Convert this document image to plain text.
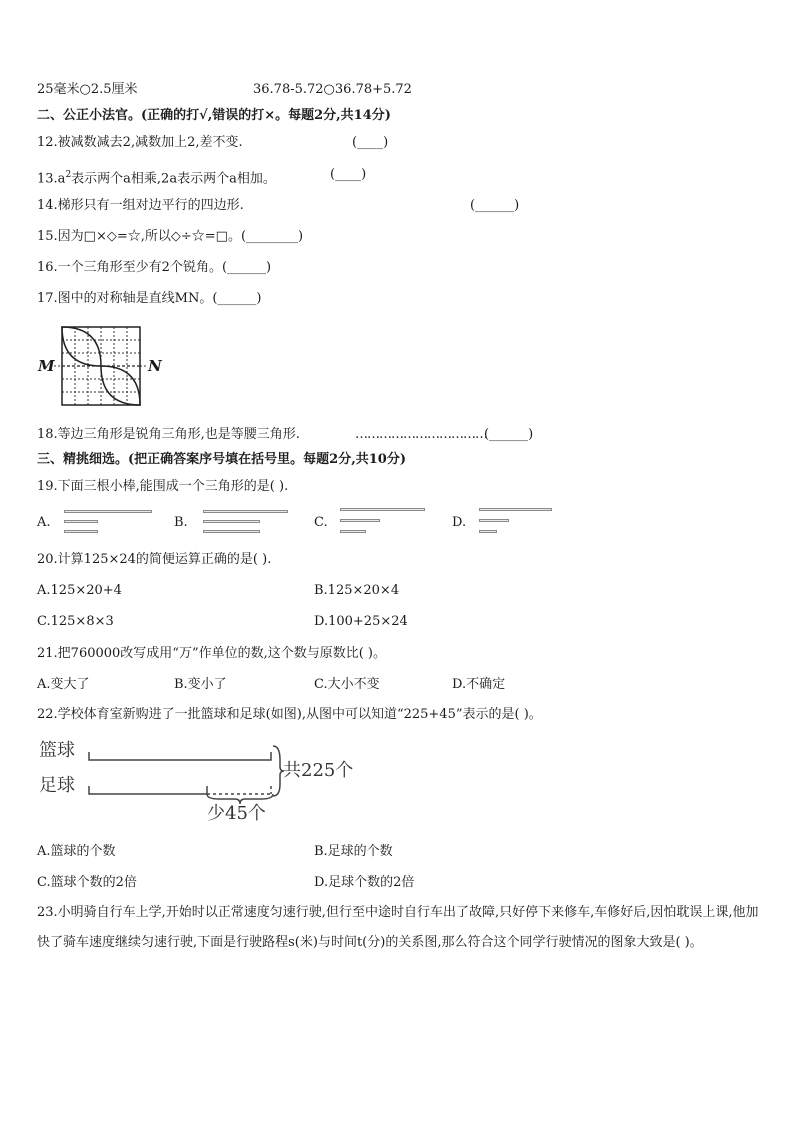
25毫米○2.5厘米	36.78-5.72○36.78+5.72
二、公正小法官。(正确的打√,错误的打×。每题2分,共14分)
12.被减数减去2,减数加上2,差不变.	(____)
$13.a^2$表示两个a相乘,2a表示两个a相加。	(____)
14.梯形只有一组对边平行的四边形.	(______)
15.因为□×◇=☆,所以◇÷☆=□。(________)
16.一个三角形至少有2个锐角。(______)
17.图中的对称轴是直线MN。(______)
M	N
18.等边三角形是锐角三角形,也是等腰三角形.	……………………………
(______)
三、精挑细选。(把正确答案序号填在括号里。每题2分,共10分)
19.下面三根小棒,能围成一个三角形的是( ).
A.	B.	C.	D.
20.计算125×24的简便运算正确的是( ).
A.125×20+4	B.125×20×4
C.125×8×3	D.100+25×24
21.把760000改写成用“万”作单位的数,这个数与原数比( )。
A.变大了	B.变小了	C.大小不变	D.不确定
22.学校体育室新购进了一批篮球和足球(如图),从图中可以知道“225+45”表示的是( )。
篮球
足球
共225个
少45个
A.篮球的个数	B.足球的个数
C.篮球个数的2倍	D.足球个数的2倍
23.小明骑自行车上学,开始时以正常速度匀速行驶,但行至中途时自行车出了故障,只好停下来修车,车修好后,因怕耽误上课,他加快了骑车速度继续匀速行驶,下面是行驶路程s(米)与时间t(分)的关系图,那么符合这个同学行驶情况的图象大致是( )。
